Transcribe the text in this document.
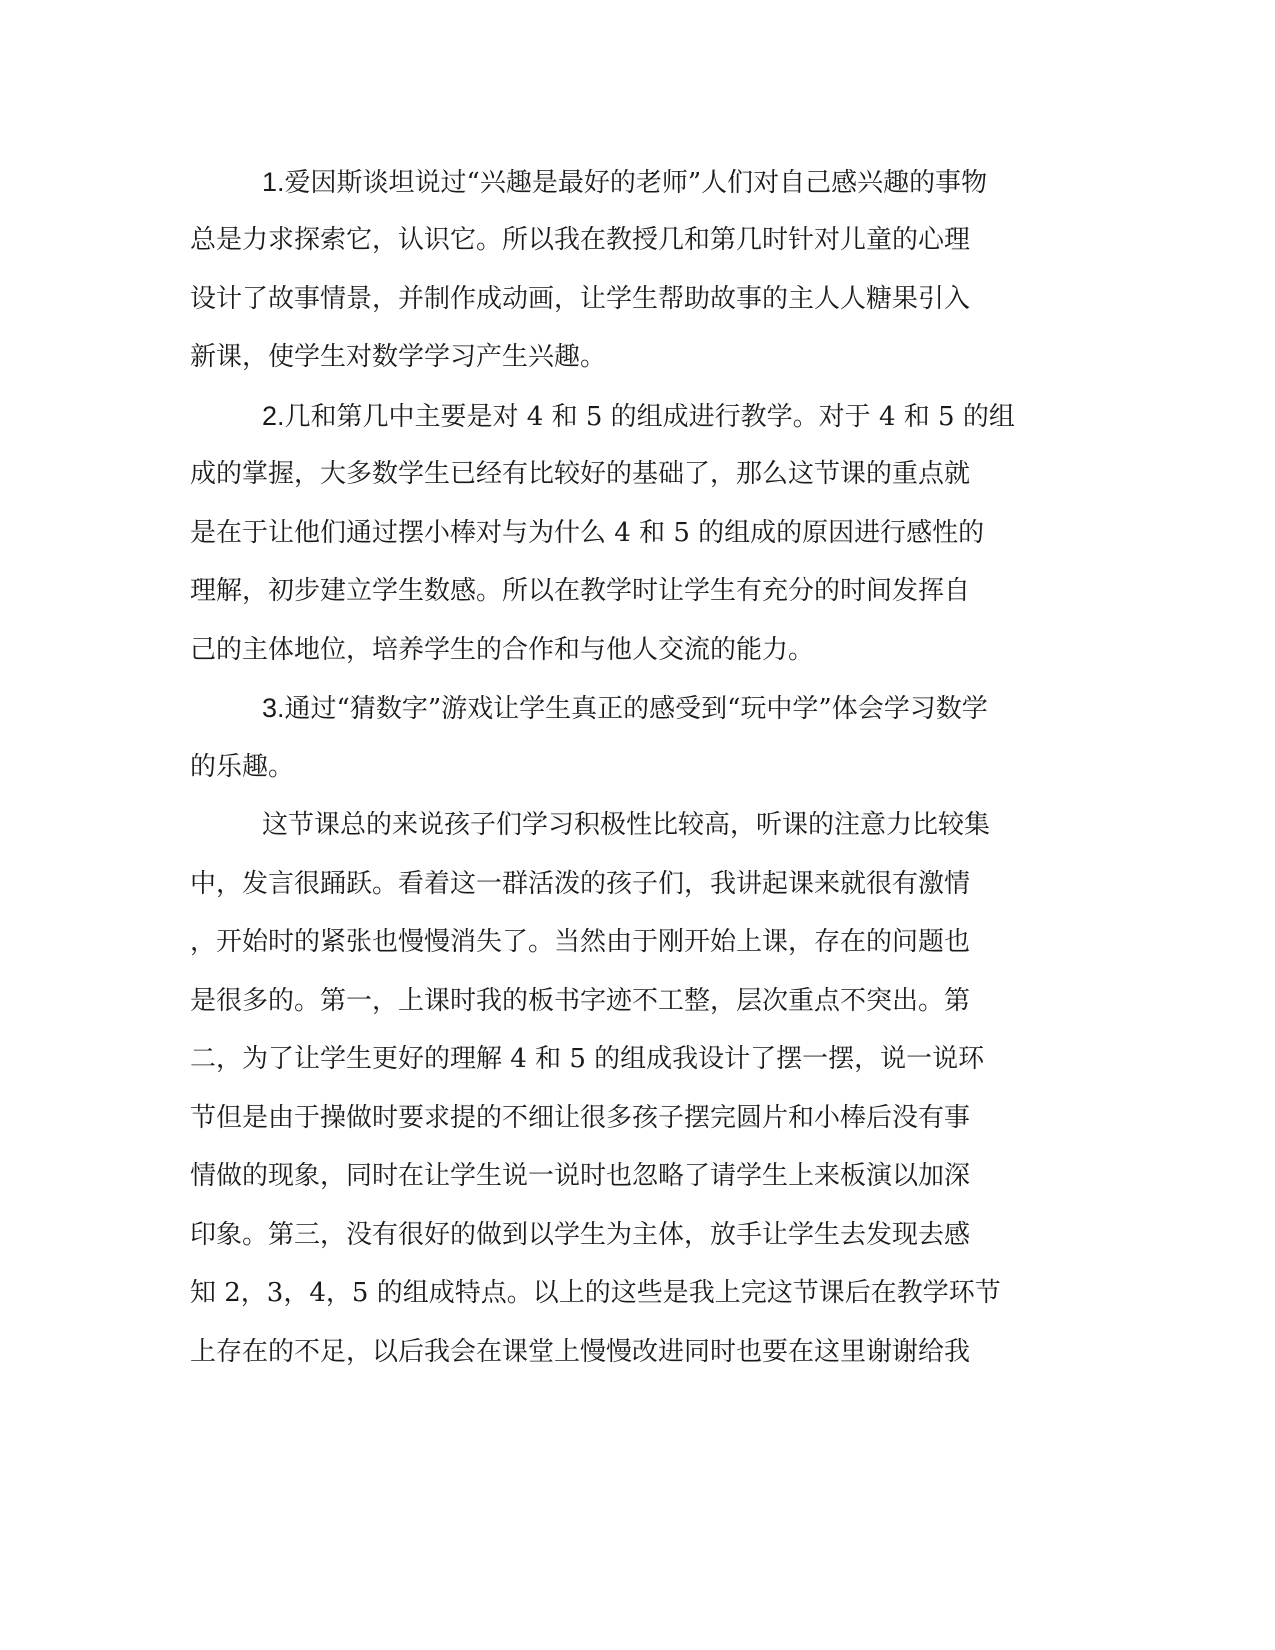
1.爱因斯谈坦说过“兴趣是最好的老师”人们对自己感兴趣的事物
总是力求探索它，认识它。所以我在教授几和第几时针对儿童的心理
设计了故事情景，并制作成动画，让学生帮助故事的主人人糖果引入
新课，使学生对数学学习产生兴趣。
2.几和第几中主要是对 4 和 5 的组成进行教学。对于 4 和 5 的组
成的掌握，大多数学生已经有比较好的基础了，那么这节课的重点就
是在于让他们通过摆小棒对与为什么 4 和 5 的组成的原因进行感性的
理解，初步建立学生数感。所以在教学时让学生有充分的时间发挥自
己的主体地位，培养学生的合作和与他人交流的能力。
3.通过“猜数字”游戏让学生真正的感受到“玩中学”体会学习数学
的乐趣。
这节课总的来说孩子们学习积极性比较高，听课的注意力比较集
中，发言很踊跃。看着这一群活泼的孩子们，我讲起课来就很有激情
，开始时的紧张也慢慢消失了。当然由于刚开始上课，存在的问题也
是很多的。第一，上课时我的板书字迹不工整，层次重点不突出。第
二，为了让学生更好的理解 4 和 5 的组成我设计了摆一摆，说一说环
节但是由于操做时要求提的不细让很多孩子摆完圆片和小棒后没有事
情做的现象，同时在让学生说一说时也忽略了请学生上来板演以加深
印象。第三，没有很好的做到以学生为主体，放手让学生去发现去感
知 2，3，4，5 的组成特点。以上的这些是我上完这节课后在教学环节
上存在的不足，以后我会在课堂上慢慢改进同时也要在这里谢谢给我
